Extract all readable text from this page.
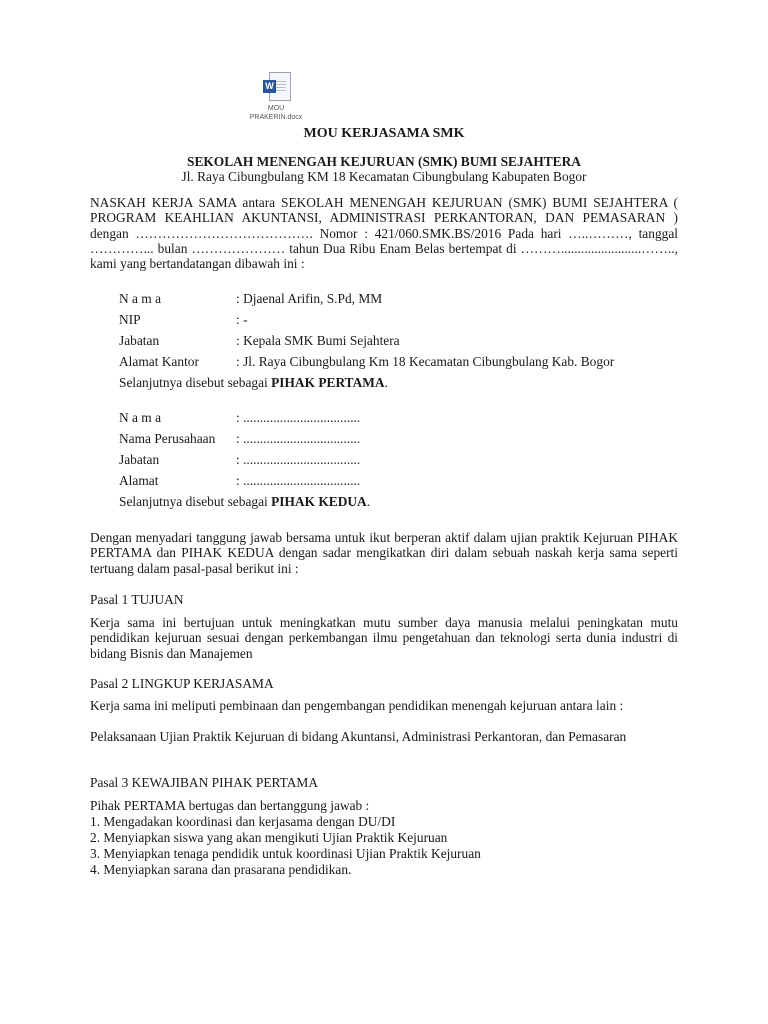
W
MOU
PRAKERIN.docx
MOU KERJASAMA SMK
SEKOLAH MENENGAH KEJURUAN (SMK) BUMI SEJAHTERA
Jl. Raya Cibungbulang KM 18 Kecamatan Cibungbulang Kabupaten Bogor
NASKAH KERJA SAMA antara SEKOLAH MENENGAH KEJURUAN (SMK) BUMI SEJAHTERA ( PROGRAM KEAHLIAN AKUNTANSI, ADMINISTRASI PERKANTORAN, DAN PEMASARAN ) dengan …………………………………. Nomor : 421/060.SMK.BS/2016 Pada hari …..………, tanggal …………... bulan ………………… tahun Dua Ribu Enam Belas bertempat di ………........................…….., kami yang bertandatangan dibawah ini :
N a m a	: Djaenal Arifin, S.Pd, MM
NIP	: -
Jabatan	: Kepala SMK Bumi Sejahtera
Alamat Kantor	: Jl. Raya Cibungbulang Km 18 Kecamatan Cibungbulang Kab. Bogor
Selanjutnya disebut sebagai PIHAK PERTAMA.
N a m a	: ...................................
Nama Perusahaan : ...................................
Jabatan	: ...................................
Alamat	: ...................................
Selanjutnya disebut sebagai PIHAK KEDUA.
Dengan menyadari tanggung jawab bersama untuk ikut berperan aktif dalam ujian praktik Kejuruan PIHAK PERTAMA dan PIHAK KEDUA dengan sadar mengikatkan diri dalam sebuah naskah kerja sama seperti tertuang dalam pasal-pasal berikut ini :
Pasal 1 TUJUAN
Kerja sama ini bertujuan untuk meningkatkan mutu sumber daya manusia melalui peningkatan mutu pendidikan kejuruan sesuai dengan perkembangan ilmu pengetahuan dan teknologi serta dunia industri di bidang Bisnis dan Manajemen
Pasal 2 LINGKUP KERJASAMA
Kerja sama ini meliputi pembinaan dan pengembangan pendidikan menengah kejuruan antara lain :
Pelaksanaan Ujian Praktik Kejuruan di bidang Akuntansi, Administrasi Perkantoran, dan Pemasaran
Pasal 3 KEWAJIBAN PIHAK PERTAMA
Pihak PERTAMA bertugas dan bertanggung jawab :
1. Mengadakan koordinasi dan kerjasama dengan DU/DI
2. Menyiapkan siswa yang akan mengikuti Ujian Praktik Kejuruan
3. Menyiapkan tenaga pendidik untuk koordinasi Ujian Praktik Kejuruan
4. Menyiapkan sarana dan prasarana pendidikan.
